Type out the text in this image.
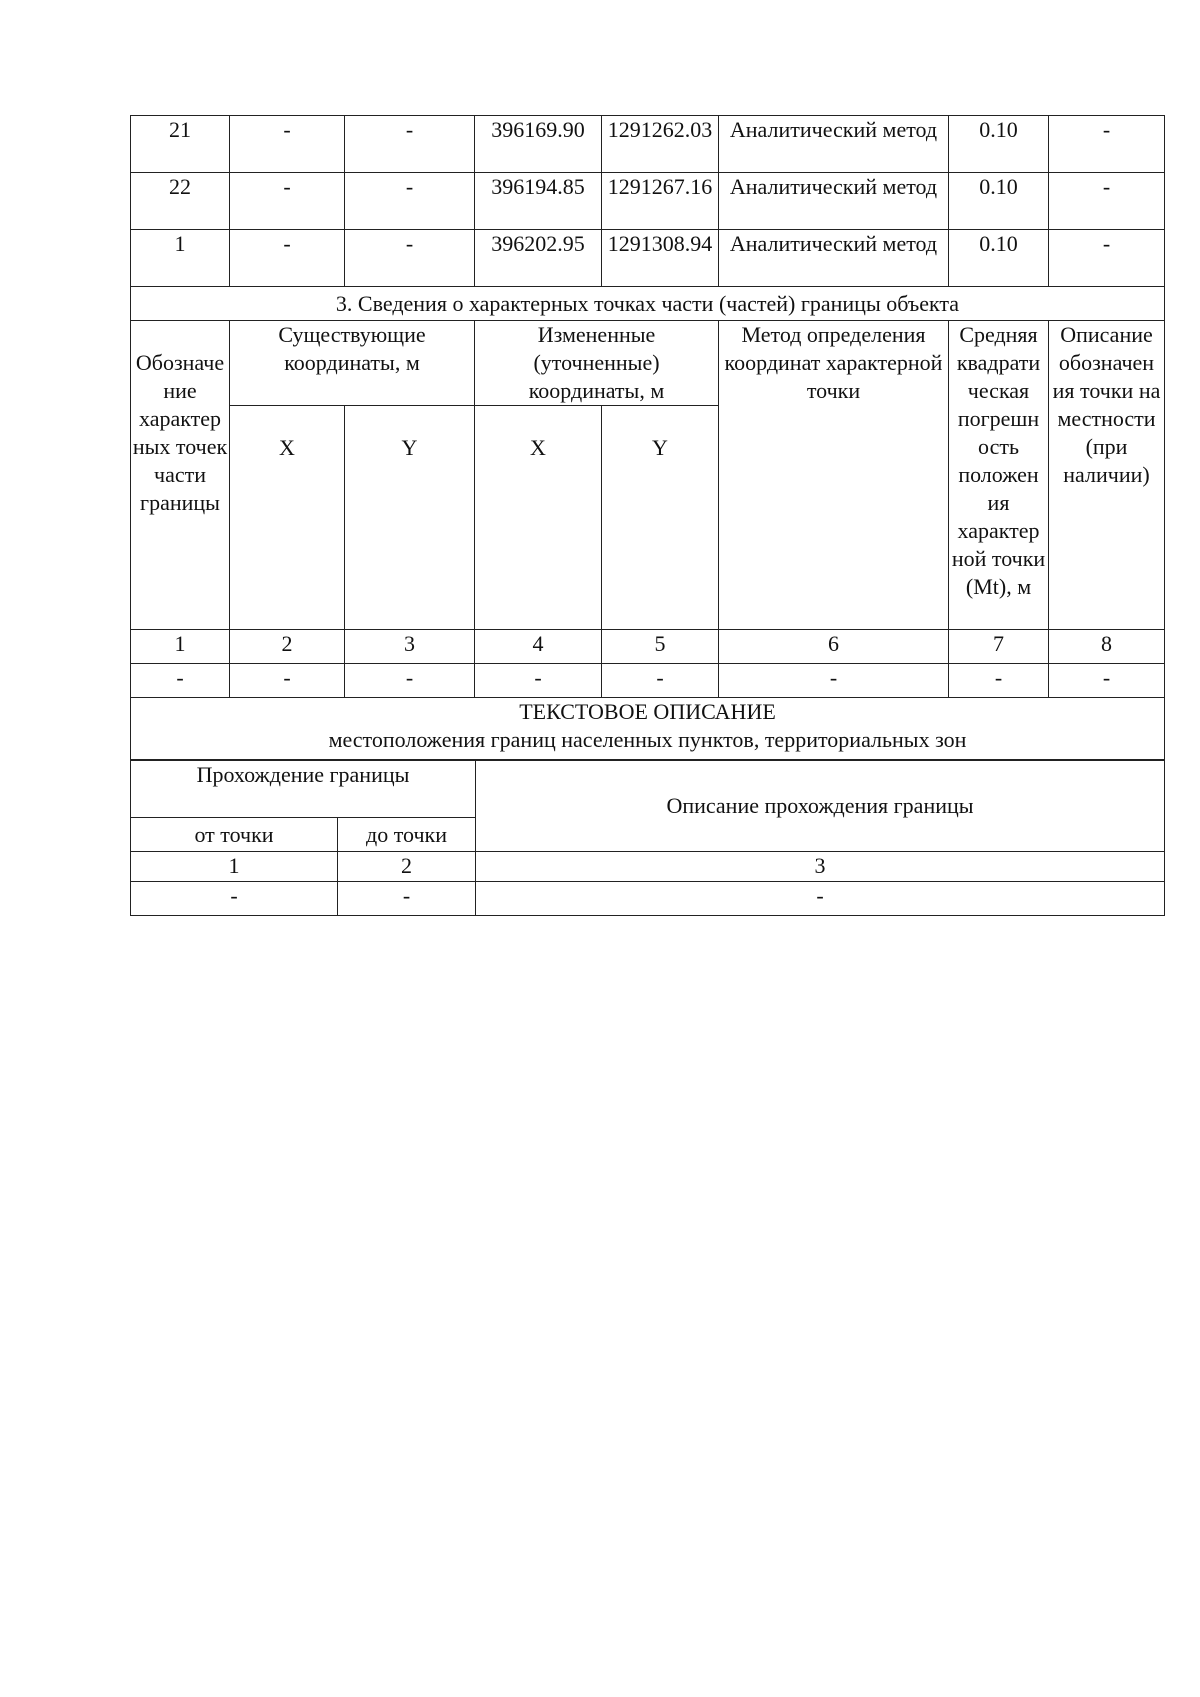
21	-	-	396169.90	1291262.03	Аналитический метод	0.10	-
22	-	-	396194.85	1291267.16	Аналитический метод	0.10	-
1	-	-	396202.95	1291308.94	Аналитический метод	0.10	-
3. Сведения о характерных точках части (частей) границы объекта							
Обозначе ние характер ных точек части границы	Существующие координаты, м		Измененные (уточненные) координаты, м		Метод определения координат характерной точки	Средняя квадрати ческая погрешн ость положен ия характер ной точки (Mt), м	Описание обозначен ия точки на местности (при наличии)
	X	Y	X	Y			
1	2	3	4	5	6	7	8
-	-	-	-	-	-	-	-

ТЕКСТОВОЕ ОПИСАНИЕ
местоположения границ населенных пунктов, территориальных зон							
Прохождение границы		Описание прохождения границы
от точки	до точки	
1	2	3
-	-	-
